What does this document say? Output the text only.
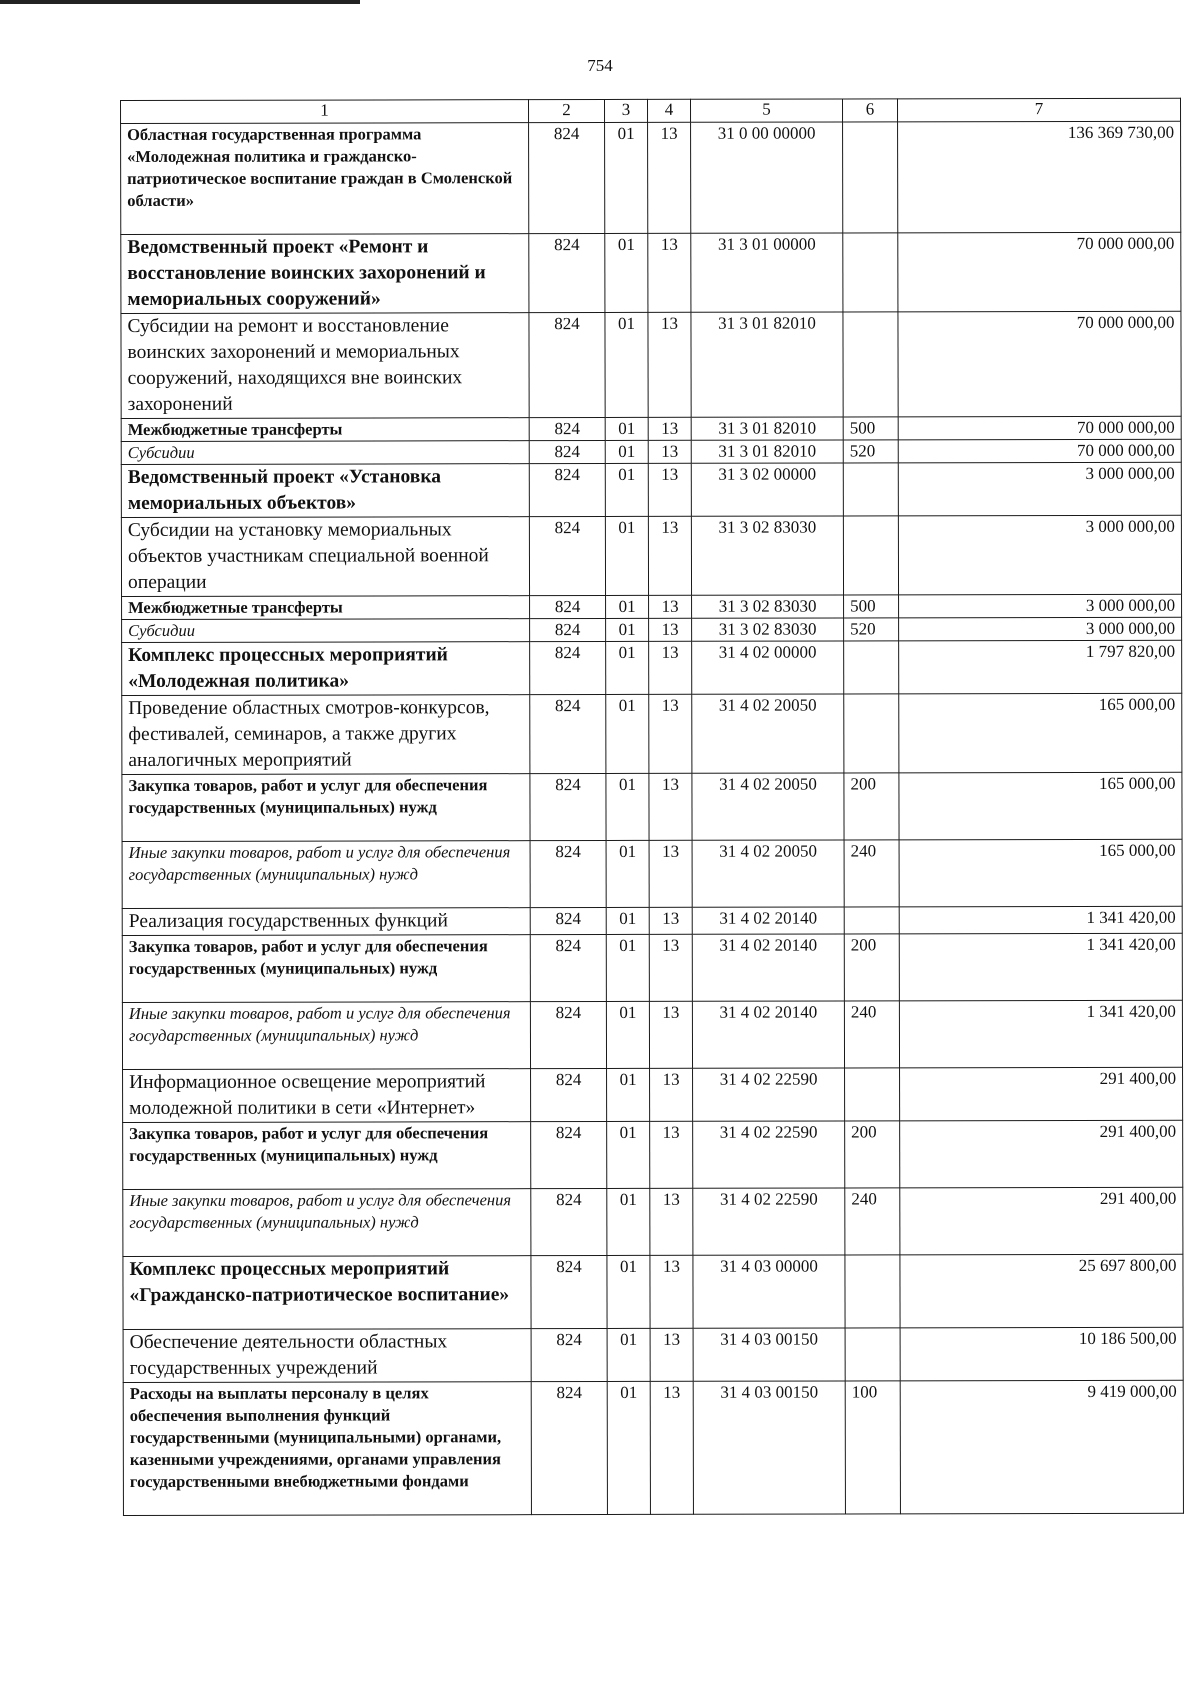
754
1	2	3	4	5	6	7
Областная государственная программа «Молодежная политика и гражданско-патриотическое воспитание граждан в Смоленской области»	824	01	13	31 0 00 00000		136 369 730,00
Ведомственный проект «Ремонт и восстановление воинских захоронений и мемориальных сооружений»	824	01	13	31 3 01 00000		70 000 000,00
Субсидии на ремонт и восстановление воинских захоронений и мемориальных сооружений, находящихся вне воинских захоронений	824	01	13	31 3 01 82010		70 000 000,00
Межбюджетные трансферты	824	01	13	31 3 01 82010	500	70 000 000,00
Субсидии	824	01	13	31 3 01 82010	520	70 000 000,00
Ведомственный проект «Установка мемориальных объектов»	824	01	13	31 3 02 00000		3 000 000,00
Субсидии на установку мемориальных объектов участникам специальной военной операции	824	01	13	31 3 02 83030		3 000 000,00
Межбюджетные трансферты	824	01	13	31 3 02 83030	500	3 000 000,00
Субсидии	824	01	13	31 3 02 83030	520	3 000 000,00
Комплекс процессных мероприятий «Молодежная политика»	824	01	13	31 4 02 00000		1 797 820,00
Проведение областных смотров-конкурсов, фестивалей, семинаров, а также других аналогичных мероприятий	824	01	13	31 4 02 20050		165 000,00
Закупка товаров, работ и услуг для обеспечения государственных (муниципальных) нужд	824	01	13	31 4 02 20050	200	165 000,00
Иные закупки товаров, работ и услуг для обеспечения государственных (муниципальных) нужд	824	01	13	31 4 02 20050	240	165 000,00
Реализация государственных функций	824	01	13	31 4 02 20140		1 341 420,00
Закупка товаров, работ и услуг для обеспечения государственных (муниципальных) нужд	824	01	13	31 4 02 20140	200	1 341 420,00
Иные закупки товаров, работ и услуг для обеспечения государственных (муниципальных) нужд	824	01	13	31 4 02 20140	240	1 341 420,00
Информационное освещение мероприятий молодежной политики в сети «Интернет»	824	01	13	31 4 02 22590		291 400,00
Закупка товаров, работ и услуг для обеспечения государственных (муниципальных) нужд	824	01	13	31 4 02 22590	200	291 400,00
Иные закупки товаров, работ и услуг для обеспечения государственных (муниципальных) нужд	824	01	13	31 4 02 22590	240	291 400,00
Комплекс процессных мероприятий «Гражданско-патриотическое воспитание»	824	01	13	31 4 03 00000		25 697 800,00
Обеспечение деятельности областных государственных учреждений	824	01	13	31 4 03 00150		10 186 500,00
Расходы на выплаты персоналу в целях обеспечения выполнения функций государственными (муниципальными) органами, казенными учреждениями, органами управления государственными внебюджетными фондами	824	01	13	31 4 03 00150	100	9 419 000,00
